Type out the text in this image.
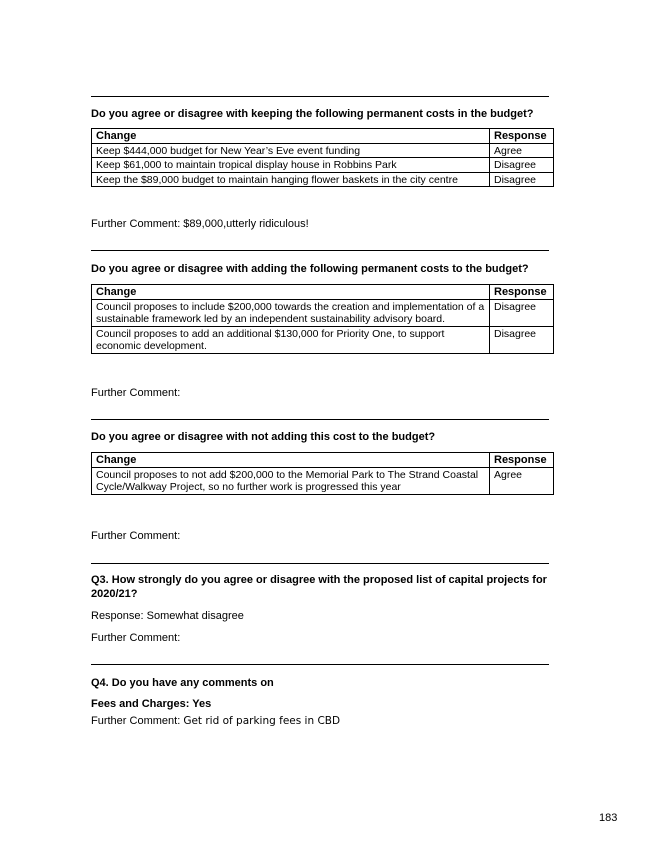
Do you agree or disagree with keeping the following permanent costs in the budget?
Change	Response
Keep $444,000 budget for New Year’s Eve event funding	Agree
Keep $61,000 to maintain tropical display house in Robbins Park	Disagree
Keep the $89,000 budget to maintain hanging flower baskets in the city centre	Disagree
Further Comment: $89,000,utterly ridiculous!
Do you agree or disagree with adding the following permanent costs to the budget?
Change	Response
Council proposes to include $200,000 towards the creation and implementation of a sustainable framework led by an independent sustainability advisory board.	Disagree
Council proposes to add an additional $130,000 for Priority One, to support economic development.	Disagree
Further Comment:
Do you agree or disagree with not adding this cost to the budget?
Change	Response
Council proposes to not add $200,000 to the Memorial Park to The Strand Coastal Cycle/Walkway Project, so no further work is progressed this year	Agree
Further Comment:
Q3. How strongly do you agree or disagree with the proposed list of capital projects for 2020/21?
Response: Somewhat disagree
Further Comment:
Q4. Do you have any comments on
Fees and Charges: Yes
Further Comment: Get rid of parking fees in CBD
183
